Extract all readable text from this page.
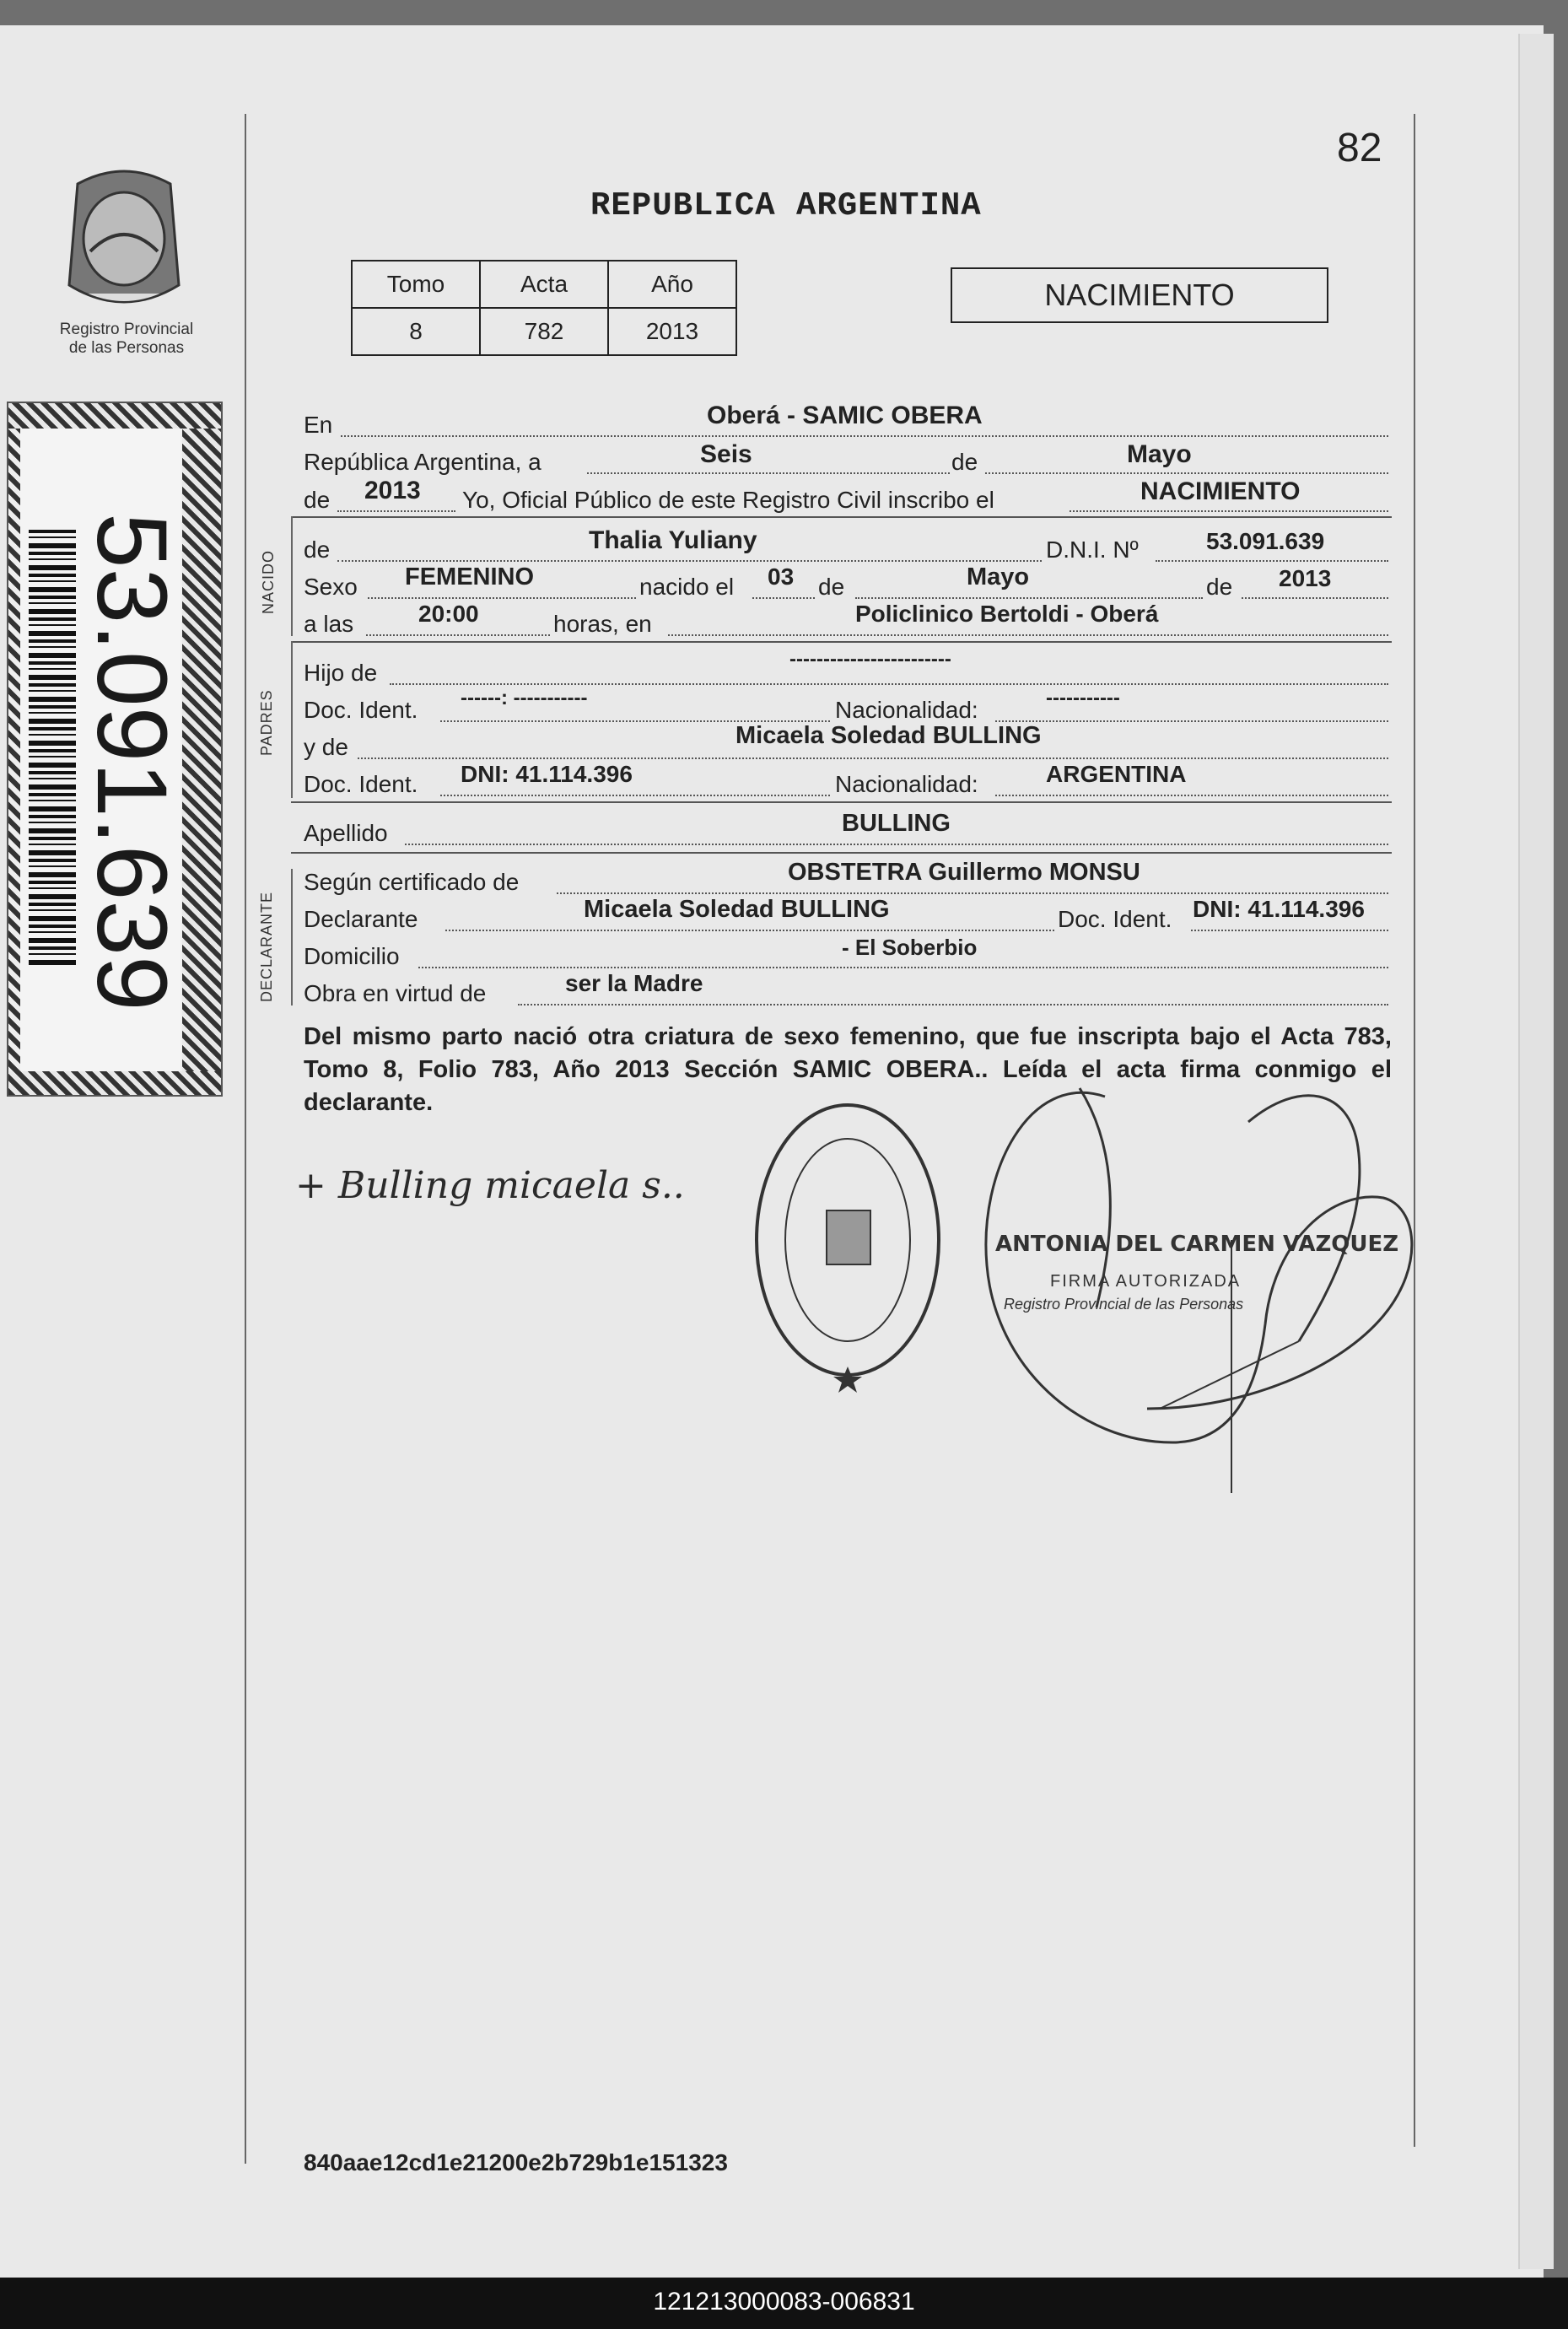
82
REPUBLICA ARGENTINA
Registro Provincial
de las Personas
53.091.639
Tomo	Acta	Año
8	782	2013
NACIMIENTO
En	Oberá - SAMIC OBERA
República Argentina, a	Seis	de	Mayo
de 2013 Yo, Oficial Público de este Registro Civil inscribo el	NACIMIENTO
NACIDO
de	Thalia Yuliany	D.N.I. Nº	53.091.639
Sexo FEMENINO	nacido el 03 de	Mayo	de 2013
a las	20:00	horas, en	Policlinico Bertoldi - Oberá
PADRES
Hijo de
------------------------
Doc. Ident. ------: -----------	Nacionalidad:	-----------
y de	Micaela Soledad BULLING
Doc. Ident. DNI: 41.114.396	Nacionalidad:	ARGENTINA
Apellido	BULLING
DECLARANTE
Según certificado de	OBSTETRA Guillermo MONSU
Declarante	Micaela Soledad BULLING	Doc. Ident. DNI: 41.114.396
Domicilio	- El Soberbio
Obra en virtud de	ser la Madre
Del mismo parto nació otra criatura de sexo femenino, que fue inscripta bajo el Acta 783, Tomo 8, Folio 783, Año 2013 Sección SAMIC OBERA.. Leída el acta firma conmigo el declarante.
+ Bulling micaela s..
ANTONIA DEL CARMEN VAZQUEZ
FIRMA AUTORIZADA
Registro Provincial de las Personas
840aae12cd1e21200e2b729b1e151323
121213000083-006831
